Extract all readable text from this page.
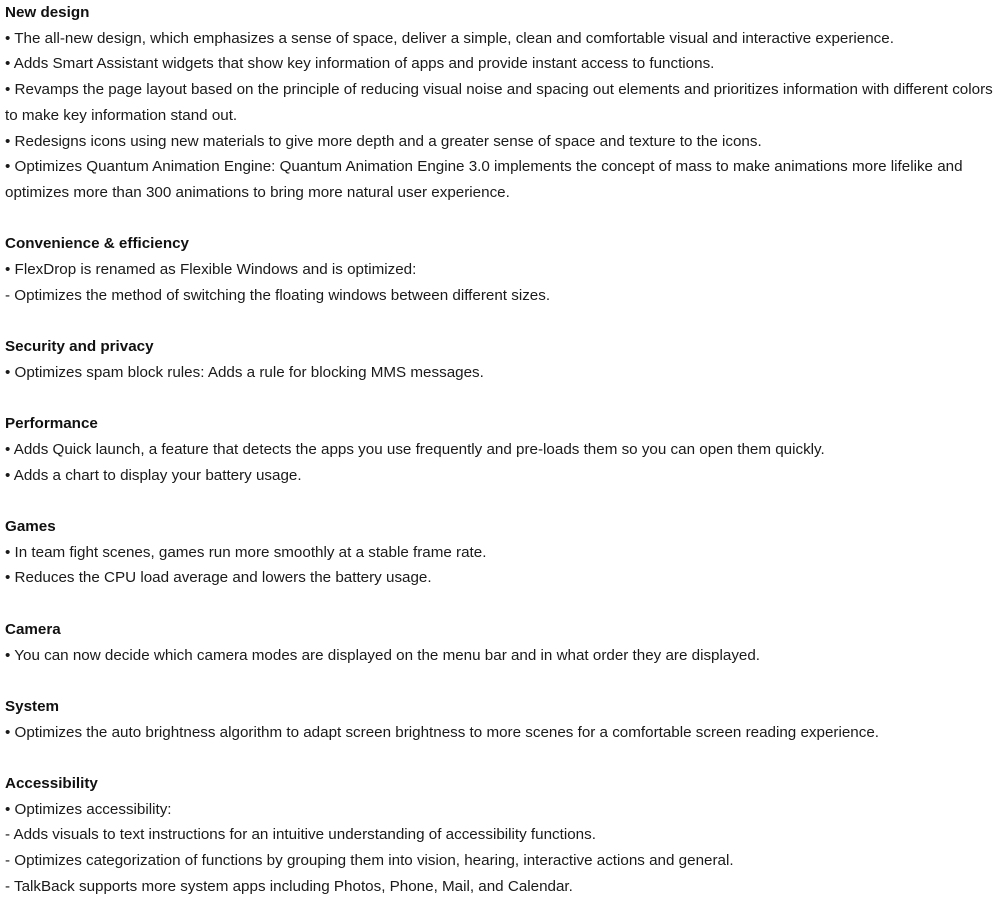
New design

• The all-new design, which emphasizes a sense of space, deliver a simple, clean and comfortable visual and interactive experience.

• Adds Smart Assistant widgets that show key information of apps and provide instant access to functions.

• Revamps the page layout based on the principle of reducing visual noise and spacing out elements and prioritizes information with different colors to make key information stand out.

• Redesigns icons using new materials to give more depth and a greater sense of space and texture to the icons.

• Optimizes Quantum Animation Engine: Quantum Animation Engine 3.0 implements the concept of mass to make animations more lifelike and optimizes more than 300 animations to bring more natural user experience.

Convenience & efficiency

• FlexDrop is renamed as Flexible Windows and is optimized:

- Optimizes the method of switching the floating windows between different sizes.

Security and privacy

• Optimizes spam block rules: Adds a rule for blocking MMS messages.

Performance

• Adds Quick launch, a feature that detects the apps you use frequently and pre-loads them so you can open them quickly.

• Adds a chart to display your battery usage.

Games

• In team fight scenes, games run more smoothly at a stable frame rate.

• Reduces the CPU load average and lowers the battery usage.

Camera

• You can now decide which camera modes are displayed on the menu bar and in what order they are displayed.

System

• Optimizes the auto brightness algorithm to adapt screen brightness to more scenes for a comfortable screen reading experience.

Accessibility

• Optimizes accessibility:

- Adds visuals to text instructions for an intuitive understanding of accessibility functions.

- Optimizes categorization of functions by grouping them into vision, hearing, interactive actions and general.

- TalkBack supports more system apps including Photos, Phone, Mail, and Calendar.
